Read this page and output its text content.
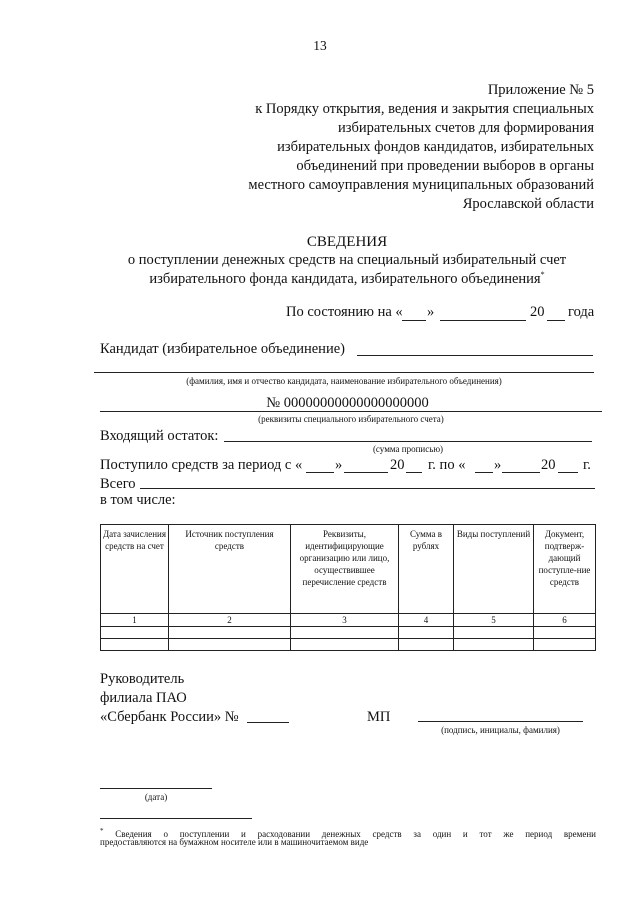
13
Приложение № 5
к Порядку открытия, ведения и закрытия специальных
избирательных счетов для формирования
избирательных фондов кандидатов, избирательных
объединений при проведении выборов в органы
местного самоуправления муниципальных образований
Ярославской области
СВЕДЕНИЯ
о поступлении денежных средств на специальный избирательный счет
избирательного фонда кандидата, избирательного объединения*
По состоянию на « »	20 года
Кандидат (избирательное объединение)
(фамилия, имя и отчество кандидата, наименование избирательного объединения)
№ 00000000000000000000
(реквизиты специального избирательного счета)
Входящий остаток:
(сумма прописью)
Поступило средств за период с « »	20 г. по « »	20 г.
Всего
в том числе:
Дата зачисления средств на счет	Источник поступления средств	Реквизиты, идентифицирующие организацию или лицо, осуществившее перечисление средств	Сумма в рублях	Виды поступлений	Документ, подтверж-дающий поступле-ние средств
1	2	3	4	5	6

Руководитель
филиала ПАО
«Сбербанк России» №	МП
(подпись, инициалы, фамилия)
(дата)
* Сведения о поступлении и расходовании денежных средств за один и тот же период времени
предоставляются на бумажном носителе или в машиночитаемом виде
